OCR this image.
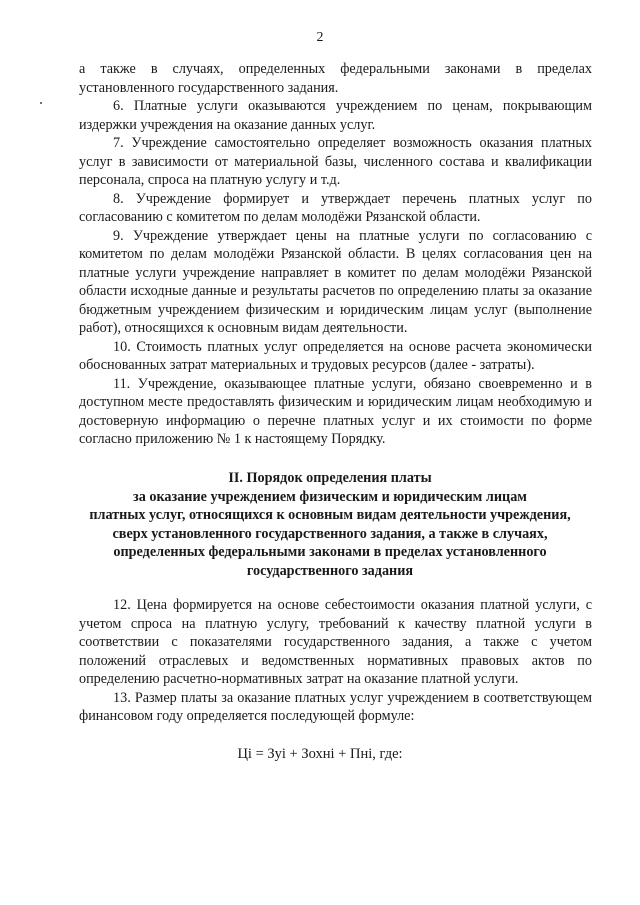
2

а также в случаях, определенных федеральными законами в пределах установленного государственного задания.

6. Платные услуги оказываются учреждением по ценам, покрывающим издержки учреждения на оказание данных услуг.

7. Учреждение самостоятельно определяет возможность оказания платных услуг в зависимости от материальной базы, численного состава и квалификации персонала, спроса на платную услугу и т.д.

8. Учреждение формирует и утверждает перечень платных услуг по согласованию с комитетом по делам молодёжи Рязанской области.

9. Учреждение утверждает цены на платные услуги по согласованию с комитетом по делам молодёжи Рязанской области. В целях согласования цен на платные услуги учреждение направляет в комитет по делам молодёжи Рязанской области исходные данные и результаты расчетов по определению платы за оказание бюджетным учреждением физическим и юридическим лицам услуг (выполнение работ), относящихся к основным видам деятельности.

10. Стоимость платных услуг определяется на основе расчета экономически обоснованных затрат материальных и трудовых ресурсов (далее - затраты).

11. Учреждение, оказывающее платные услуги, обязано своевременно и в доступном месте предоставлять физическим и юридическим лицам необходимую и достоверную информацию о перечне платных услуг и их стоимости по форме согласно приложению № 1 к настоящему Порядку.

II. Порядок определения платы
за оказание учреждением физическим и юридическим лицам
платных услуг, относящихся к основным видам деятельности учреждения,
сверх установленного государственного задания, а также в случаях,
определенных федеральными законами в пределах установленного
государственного задания

12. Цена формируется на основе себестоимости оказания платной услуги, с учетом спроса на платную услугу, требований к качеству платной услуги в соответствии с показателями государственного задания, а также с учетом положений отраслевых и ведомственных нормативных правовых актов по определению расчетно-нормативных затрат на оказание платной услуги.

13. Размер платы за оказание платных услуг учреждением в соответствующем финансовом году определяется последующей формуле:

Цi = Зуi + Зохнi + Пнi, где:
